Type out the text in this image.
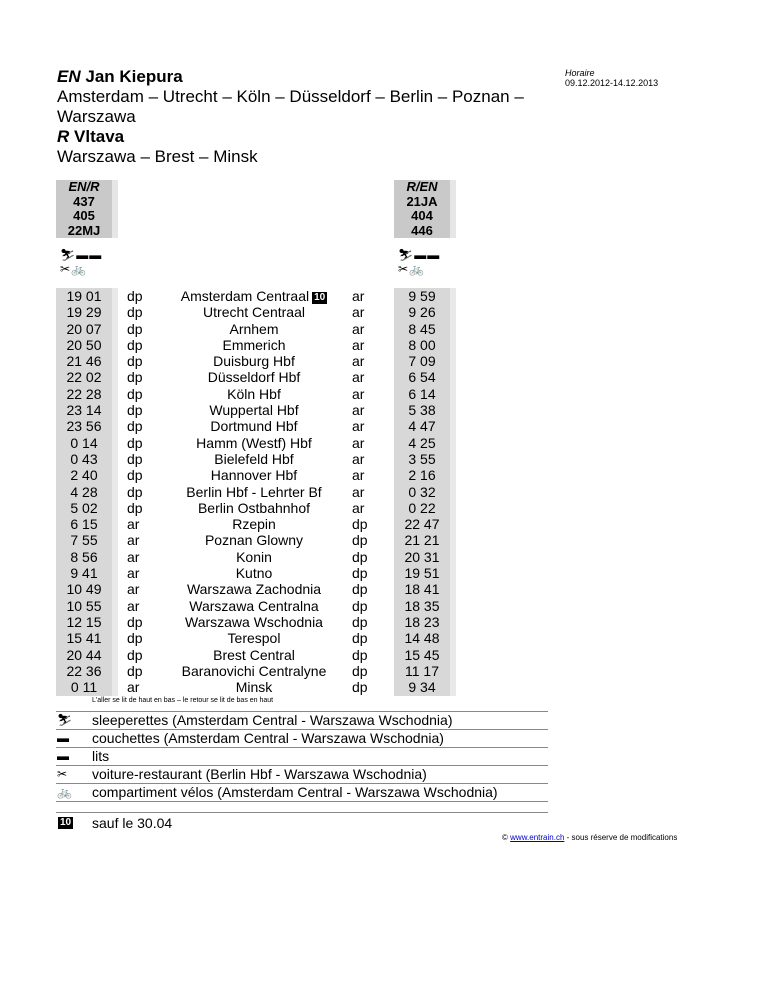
EN Jan Kiepura
Amsterdam – Utrecht – Köln – Düsseldorf – Berlin – Poznan –
Warszawa
R Vltava
Warszawa – Brest – Minsk
Horaire
09.12.2012-14.12.2013
EN/R
437
405
22MJ
R/EN
21JA
404
446
⛷▬▬
✂🚲
⛷▬▬
✂🚲
19 01	dp	Amsterdam Centraal 10	ar	9 59
19 29	dp	Utrecht Centraal	ar	9 26
20 07	dp	Arnhem	ar	8 45
20 50	dp	Emmerich	ar	8 00
21 46	dp	Duisburg Hbf	ar	7 09
22 02	dp	Düsseldorf Hbf	ar	6 54
22 28	dp	Köln Hbf	ar	6 14
23 14	dp	Wuppertal Hbf	ar	5 38
23 56	dp	Dortmund Hbf	ar	4 47
0 14	dp	Hamm (Westf) Hbf	ar	4 25
0 43	dp	Bielefeld Hbf	ar	3 55
2 40	dp	Hannover Hbf	ar	2 16
4 28	dp	Berlin Hbf - Lehrter Bf	ar	0 32
5 02	dp	Berlin Ostbahnhof	ar	0 22
6 15	ar	Rzepin	dp	22 47
7 55	ar	Poznan Glowny	dp	21 21
8 56	ar	Konin	dp	20 31
9 41	ar	Kutno	dp	19 51
10 49	ar	Warszawa Zachodnia	dp	18 41
10 55	ar	Warszawa Centralna	dp	18 35
12 15	dp	Warszawa Wschodnia	dp	18 23
15 41	dp	Terespol	dp	14 48
20 44	dp	Brest Central	dp	15 45
22 36	dp	Baranovichi Centralyne	dp	11 17
0 11	ar	Minsk	dp	9 34
L'aller se lit de haut en bas – le retour se lit de bas en haut
⛷	sleeperettes (Amsterdam Central - Warszawa Wschodnia)
▬	couchettes (Amsterdam Central - Warszawa Wschodnia)
▬	lits
✂	voiture-restaurant (Berlin Hbf - Warszawa Wschodnia)
🚲	compartiment vélos (Amsterdam Central - Warszawa Wschodnia)
10 sauf le 30.04
© www.entrain.ch - sous réserve de modifications
